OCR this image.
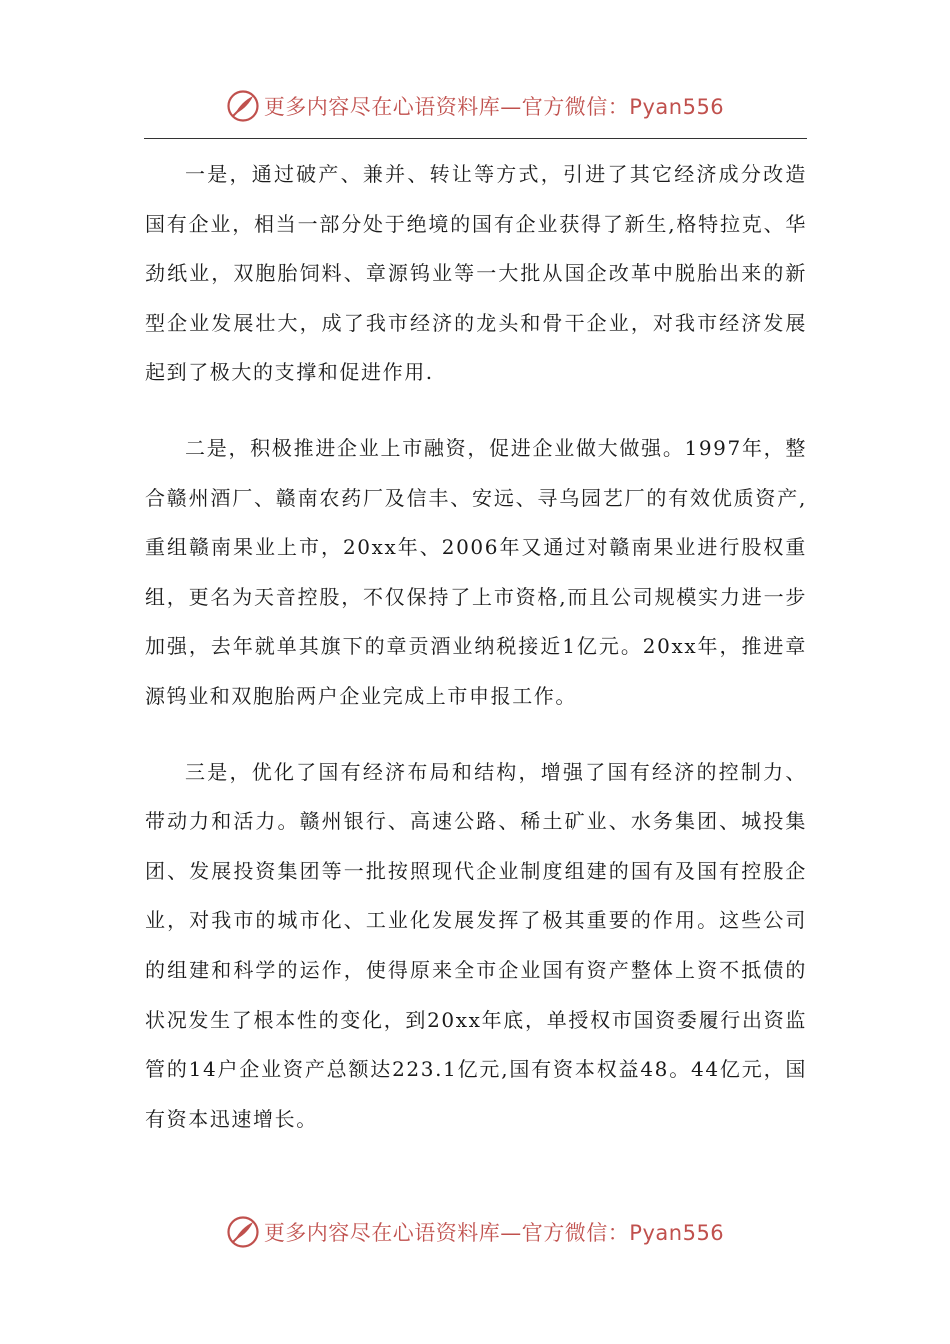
更多内容尽在心语资料库—官方微信：Pyan556

一是，通过破产、兼并、转让等方式，引进了其它经济成分改造国有企业，相当一部分处于绝境的国有企业获得了新生,格特拉克、华劲纸业，双胞胎饲料、章源钨业等一大批从国企改革中脱胎出来的新型企业发展壮大，成了我市经济的龙头和骨干企业，对我市经济发展起到了极大的支撑和促进作用.

二是，积极推进企业上市融资，促进企业做大做强。1997年，整合赣州酒厂、赣南农药厂及信丰、安远、寻乌园艺厂的有效优质资产,重组赣南果业上市，20xx年、2006年又通过对赣南果业进行股权重组，更名为天音控股，不仅保持了上市资格,而且公司规模实力进一步加强，去年就单其旗下的章贡酒业纳税接近1亿元。20xx年，推进章源钨业和双胞胎两户企业完成上市申报工作。

三是，优化了国有经济布局和结构，增强了国有经济的控制力、带动力和活力。赣州银行、高速公路、稀土矿业、水务集团、城投集团、发展投资集团等一批按照现代企业制度组建的国有及国有控股企业，对我市的城市化、工业化发展发挥了极其重要的作用。这些公司的组建和科学的运作，使得原来全市企业国有资产整体上资不抵债的状况发生了根本性的变化，到20xx年底，单授权市国资委履行出资监管的14户企业资产总额达223.1亿元,国有资本权益48。44亿元，国有资本迅速增长。

更多内容尽在心语资料库—官方微信：Pyan556
